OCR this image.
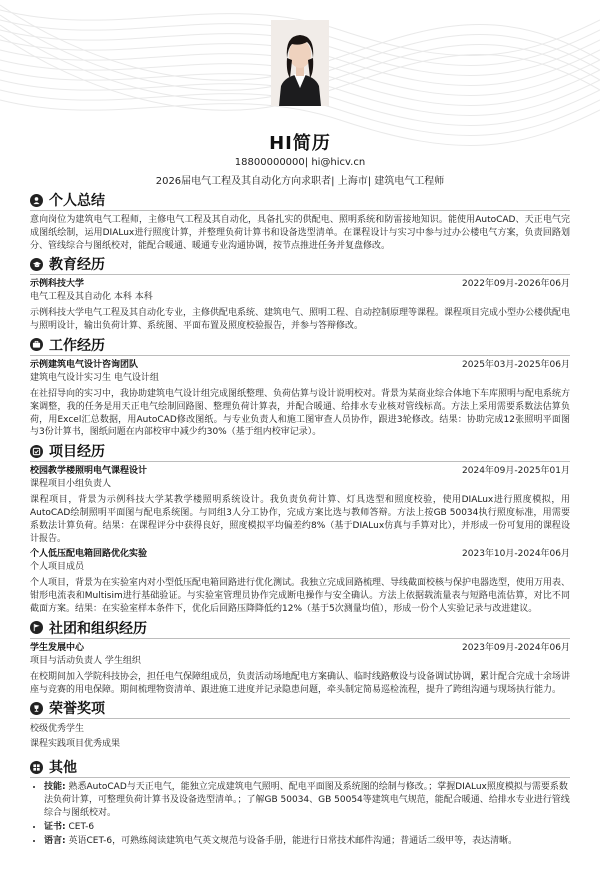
HI简历
18800000000| hi@hicv.cn
2026届电气工程及其自动化方向求职者| 上海市| 建筑电气工程师
个人总结
意向岗位为建筑电气工程师，主修电气工程及其自动化，具备扎实的供配电、照明系统和防雷接地知识。能使用AutoCAD、天正电气完成图纸绘制，运用DIALux进行照度计算，并整理负荷计算书和设备选型清单。在课程设计与实习中参与过办公楼电气方案，负责回路划分、管线综合与图纸校对，能配合暖通、暖通专业沟通协调，按节点推进任务并复盘修改。
教育经历
示例科技大学	2022年09月-2026年06月
电气工程及其自动化 本科 本科
示例科技大学电气工程及其自动化专业，主修供配电系统、建筑电气、照明工程、自动控制原理等课程。课程项目完成小型办公楼供配电与照明设计，输出负荷计算、系统图、平面布置及照度校验报告，并参与答辩修改。
工作经历
示例建筑电气设计咨询团队	2025年03月-2025年06月
建筑电气设计实习生 电气设计组
在社招导向的实习中，我协助建筑电气设计组完成图纸整理、负荷估算与设计说明校对。背景为某商业综合体地下车库照明与配电系统方案调整，我的任务是用天正电气绘制回路图、整理负荷计算表，并配合暖通、给排水专业核对管线标高。方法上采用需要系数法估算负荷，用Excel汇总数据，用AutoCAD修改图纸。与专业负责人和施工图审查人员协作，跟进3轮修改。结果：协助完成12张照明平面图与3份计算书，图纸问题在内部校审中减少约30%（基于组内校审记录）。
项目经历
校园教学楼照明电气课程设计	2024年09月-2025年01月
课程项目小组负责人
课程项目，背景为示例科技大学某教学楼照明系统设计。我负责负荷计算、灯具选型和照度校验，使用DIALux进行照度模拟，用AutoCAD绘制照明平面图与配电系统图。与同组3人分工协作，完成方案比选与教师答辩。方法上按GB 50034执行照度标准，用需要系数法计算负荷。结果：在课程评分中获得良好，照度模拟平均偏差约8%（基于DIALux仿真与手算对比），并形成一份可复用的课程设计报告。
个人低压配电箱回路优化实验	2023年10月-2024年06月
个人项目成员
个人项目，背景为在实验室内对小型低压配电箱回路进行优化测试。我独立完成回路梳理、导线截面校核与保护电器选型，使用万用表、钳形电流表和Multisim进行基础验证。与实验室管理员协作完成断电操作与安全确认。方法上依据载流量表与短路电流估算，对比不同截面方案。结果：在实验室样本条件下，优化后回路压降降低约12%（基于5次测量均值），形成一份个人实验记录与改进建议。
社团和组织经历
学生发展中心	2023年09月-2024年06月
项目与活动负责人 学生组织
在校期间加入学院科技协会，担任电气保障组成员，负责活动场地配电方案确认、临时线路敷设与设备调试协调，累计配合完成十余场讲座与竞赛的用电保障。期间梳理物资清单、跟进施工进度并记录隐患问题，牵头制定简易巡检流程，提升了跨组沟通与现场执行能力。
荣誉奖项
校级优秀学生
课程实践项目优秀成果
其他
• 技能: 熟悉AutoCAD与天正电气，能独立完成建筑电气照明、配电平面图及系统图的绘制与修改。；掌握DIALux照度模拟与需要系数法负荷计算，可整理负荷计算书及设备选型清单。；了解GB 50034、GB 50054等建筑电气规范，能配合暖通、给排水专业进行管线综合与图纸校对。
• 证书: CET-6
• 语言: 英语CET-6，可熟练阅读建筑电气英文规范与设备手册，能进行日常技术邮件沟通；普通话二级甲等，表达清晰。
